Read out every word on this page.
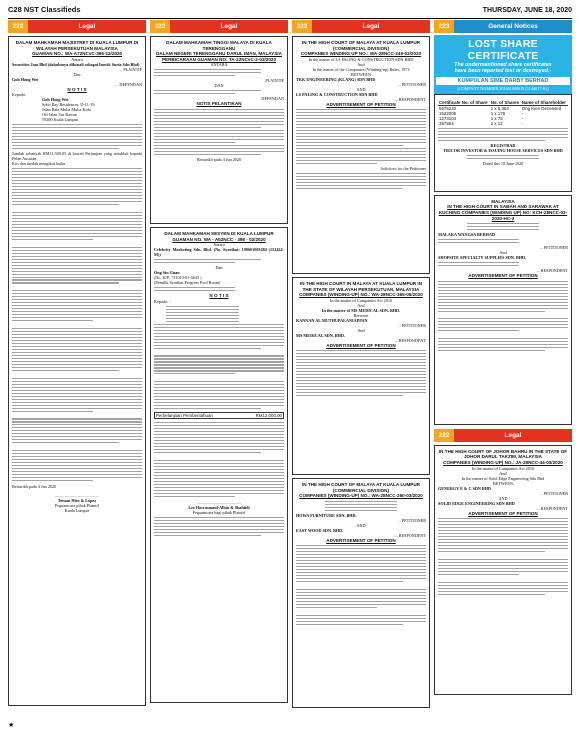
C28 NST Classifieds	THURSDAY, JUNE 18, 2020
222	Legal
DALAM MAHKAMAH MAJISTRET DI KUALA LUMPUR DI WILAYAH PERSEKUTUAN MALAYSIA
GUAMAN NO.: WA-A72NCvC-366-12/2020
Antara
Securities Jam Bhd (dahulunya dikenali sebagai Inovik Suria Sdn Bhd)
... PLAINTIF
Dan
Goh Hong Wei
... DEFENDAN
N O T I S
Kepada:
Goh Hong Wei
Sobo Bay Residences, D-11-19,
Jalan Rata Mulia Mulia Kula
Off Jalan Sur Rawan
59200 Kuala Lumpur
Jumlah sebanyak RM11,509.03 di bawah Perjanjian yang tertakluk kepada Pelan Ansuran
Kos dan faedah mengikut kadar
Bertarikh pada 4 Jun 2020
..........................................
Tetuan Hiro & Lopez
Peguamcara pihak Plaintif
Kuala Lumpur
222	Legal
DALAM MAHKAMAH TINGGI MALAYA DI KUALA TERENGGANU
DALAM NEGERI TERENGGANU DARUL IMAN, MALAYSIA PERBICARAAN GUAMAN NO: TA-22NCvC-2-03/2020
ANTARA
PLAINTIF
DAN
DEFENDAN
NOTIS PELANTIKAN
Bertarikh pada 4 Jun 2020
DALAM MAHKAMAH SESYEN DI KUALA LUMPUR
GUAMAN NO. WA - A52NCC - 398 - 02/2020
Antara
Celebrity Marketing Sdn. Bhd. (No. Syarikat: 198601003484 (152424-M))
Dan
Ong Sin Guan
(No. K/P: 711010-01-5645 )
(Pemilik Syarikat Progress Pool Room)
N O T I S
Kepada: -
Perbelanjaan Pemberitahuan	RM12,000.00
..........................................
Lee Hocrasmaul-Albin & Shahiidi
Peguamcara bagi pihak Plaintif
222	Legal
IN THE HIGH COURT OF MALAYA AT KUALA LUMPUR (COMMERCIAL DIVISION)
COMPANIES WINDING UP NO.: WA-28NCC-249-02/2020
In the matter of LS PALING & CONSTRUCTION SDN BHD
And
In the matter of the Companies (Winding-up) Rules, 1972
BETWEEN
TKK ENGINEERING (KLANG) SDN BHD
... PETITIONER
AND
LS PALING & CONSTRUCTION SDN BHD
... RESPONDENT
ADVERTISEMENT OF PETITION
Solicitors for the Petitioner
IN THE HIGH COURT IN MALAYA AT KUALA LUMPUR IN THE STATE OF WILAYAH PERSEKUTUAN, MALAYSIA
COMPANIES (WINDING-UP) NO.: WA-28NCC-365-05/2020
In the matter of Companies Act 2016
And
In the matter of MS MEDICAL SDN. BHD.
Between
KANNAN AL MUTHUPALANIAPPAN
... PETITIONER
And
MS MEDICAL SDN. BHD.
... RESPONDENT
ADVERTISEMENT OF PETITION
IN THE HIGH COURT OF MALAYA AT KUALA LUMPUR (COMMERCIAL DIVISION)
COMPANIES (WINDING-UP) NO.: WA-28NCC-260-03/2020
HOWA FURNITURE SDN. BHD.
... PETITIONER
AND
EAST WOOD SDN. BHD.
... RESPONDENT
ADVERTISEMENT OF PETITION
223	General Notices
LOST SHARE CERTIFICATE
The undermentioned share certificates
have been reported lost or destroyed:-
KUMPULAN SIME DARBY BERHAD
(COMPANY NUMBER 201601000018 (1144817-K))
Certificate No. of Share	No. of Shares	Name of Shareholder
5675232	1 x 5,364	Ong Kien Deceased
1522005	1 x 175	-
1273104	1 x 75	-
357554	1 x 12	-
REGISTRAR
TRICOR INVESTOR & ISSUING HOUSE SERVICES SDN BHD
Dated this 18 June 2020
MALAYSIA
IN THE HIGH COURT IN SABAH AND SARAWAK AT KUCHING COMPANIES (WINDING UP) NO: KCH-28NCC-03-2020-HC-3
MALAKA WANGSA BERHAD
... PETITIONER
And
SHOPSITE SPECIALTY SUPPLIES SDN. BHD.
... RESPONDENT
ADVERTISEMENT OF PETITION
222	Legal
IN THE HIGH COURT OF JOHOR BAHRU IN THE STATE OF JOHOR DARUL TAKZIM, MALAYSIA
COMPANIES (WINDING-UP) NO.: JA-28NCC-44-03/2020
In the matter of Companies Act 2016
And
In the matter of Solid Edge Engineering Sdn Bhd
BETWEEN
GENERGY E & C SDN BHD
... PETITIONER
AND
SOLID EDGE ENGINEERING SDN BHD
... RESPONDENT
ADVERTISEMENT OF PETITION
★
